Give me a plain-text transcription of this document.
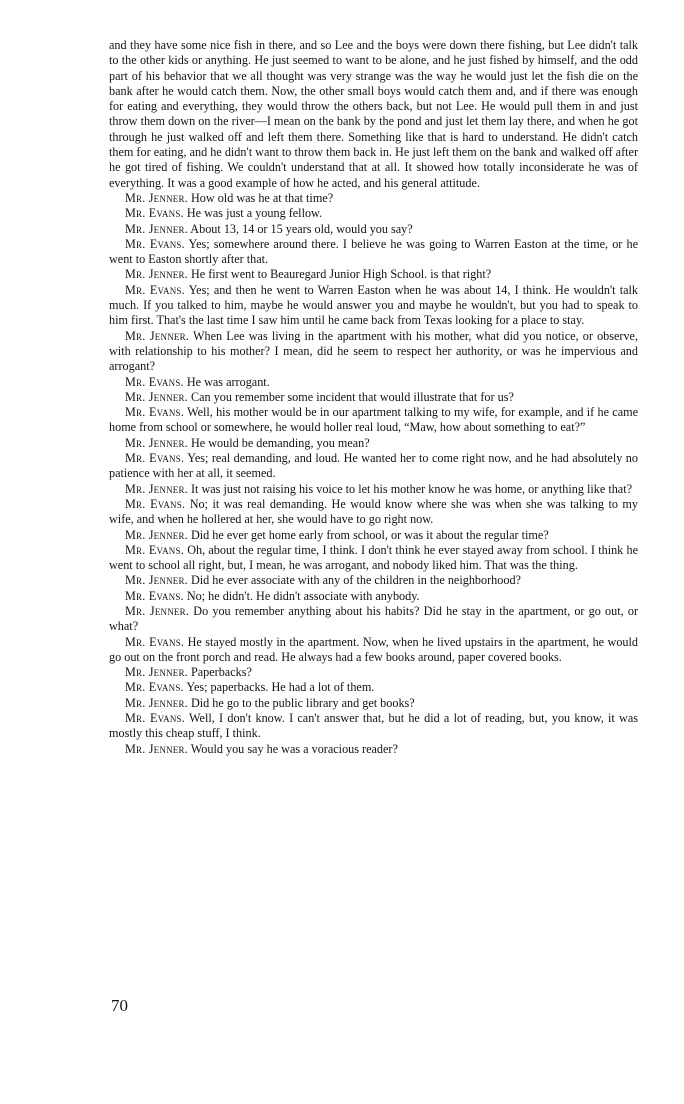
and they have some nice fish in there, and so Lee and the boys were down there fishing, but Lee didn't talk to the other kids or anything. He just seemed to want to be alone, and he just fished by himself, and the odd part of his behavior that we all thought was very strange was the way he would just let the fish die on the bank after he would catch them. Now, the other small boys would catch them and, and if there was enough for eating and everything, they would throw the others back, but not Lee. He would pull them in and just throw them down on the river—I mean on the bank by the pond and just let them lay there, and when he got through he just walked off and left them there. Something like that is hard to understand. He didn't catch them for eating, and he didn't want to throw them back in. He just left them on the bank and walked off after he got tired of fishing. We couldn't understand that at all. It showed how totally inconsiderate he was of everything. It was a good example of how he acted, and his general attitude.

Mr. Jenner. How old was he at that time?

Mr. Evans. He was just a young fellow.

Mr. Jenner. About 13, 14 or 15 years old, would you say?

Mr. Evans. Yes; somewhere around there. I believe he was going to Warren Easton at the time, or he went to Easton shortly after that.

Mr. Jenner. He first went to Beauregard Junior High School. is that right?

Mr. Evans. Yes; and then he went to Warren Easton when he was about 14, I think. He wouldn't talk much. If you talked to him, maybe he would answer you and maybe he wouldn't, but you had to speak to him first. That's the last time I saw him until he came back from Texas looking for a place to stay.

Mr. Jenner. When Lee was living in the apartment with his mother, what did you notice, or observe, with relationship to his mother? I mean, did he seem to respect her authority, or was he impervious and arrogant?

Mr. Evans. He was arrogant.

Mr. Jenner. Can you remember some incident that would illustrate that for us?

Mr. Evans. Well, his mother would be in our apartment talking to my wife, for example, and if he came home from school or somewhere, he would holler real loud, “Maw, how about something to eat?”

Mr. Jenner. He would be demanding, you mean?

Mr. Evans. Yes; real demanding, and loud. He wanted her to come right now, and he had absolutely no patience with her at all, it seemed.

Mr. Jenner. It was just not raising his voice to let his mother know he was home, or anything like that?

Mr. Evans. No; it was real demanding. He would know where she was when she was talking to my wife, and when he hollered at her, she would have to go right now.

Mr. Jenner. Did he ever get home early from school, or was it about the regular time?

Mr. Evans. Oh, about the regular time, I think. I don't think he ever stayed away from school. I think he went to school all right, but, I mean, he was arrogant, and nobody liked him. That was the thing.

Mr. Jenner. Did he ever associate with any of the children in the neighborhood?

Mr. Evans. No; he didn't. He didn't associate with anybody.

Mr. Jenner. Do you remember anything about his habits? Did he stay in the apartment, or go out, or what?

Mr. Evans. He stayed mostly in the apartment. Now, when he lived upstairs in the apartment, he would go out on the front porch and read. He always had a few books around, paper covered books.

Mr. Jenner. Paperbacks?

Mr. Evans. Yes; paperbacks. He had a lot of them.

Mr. Jenner. Did he go to the public library and get books?

Mr. Evans. Well, I don't know. I can't answer that, but he did a lot of reading, but, you know, it was mostly this cheap stuff, I think.

Mr. Jenner. Would you say he was a voracious reader?

70
